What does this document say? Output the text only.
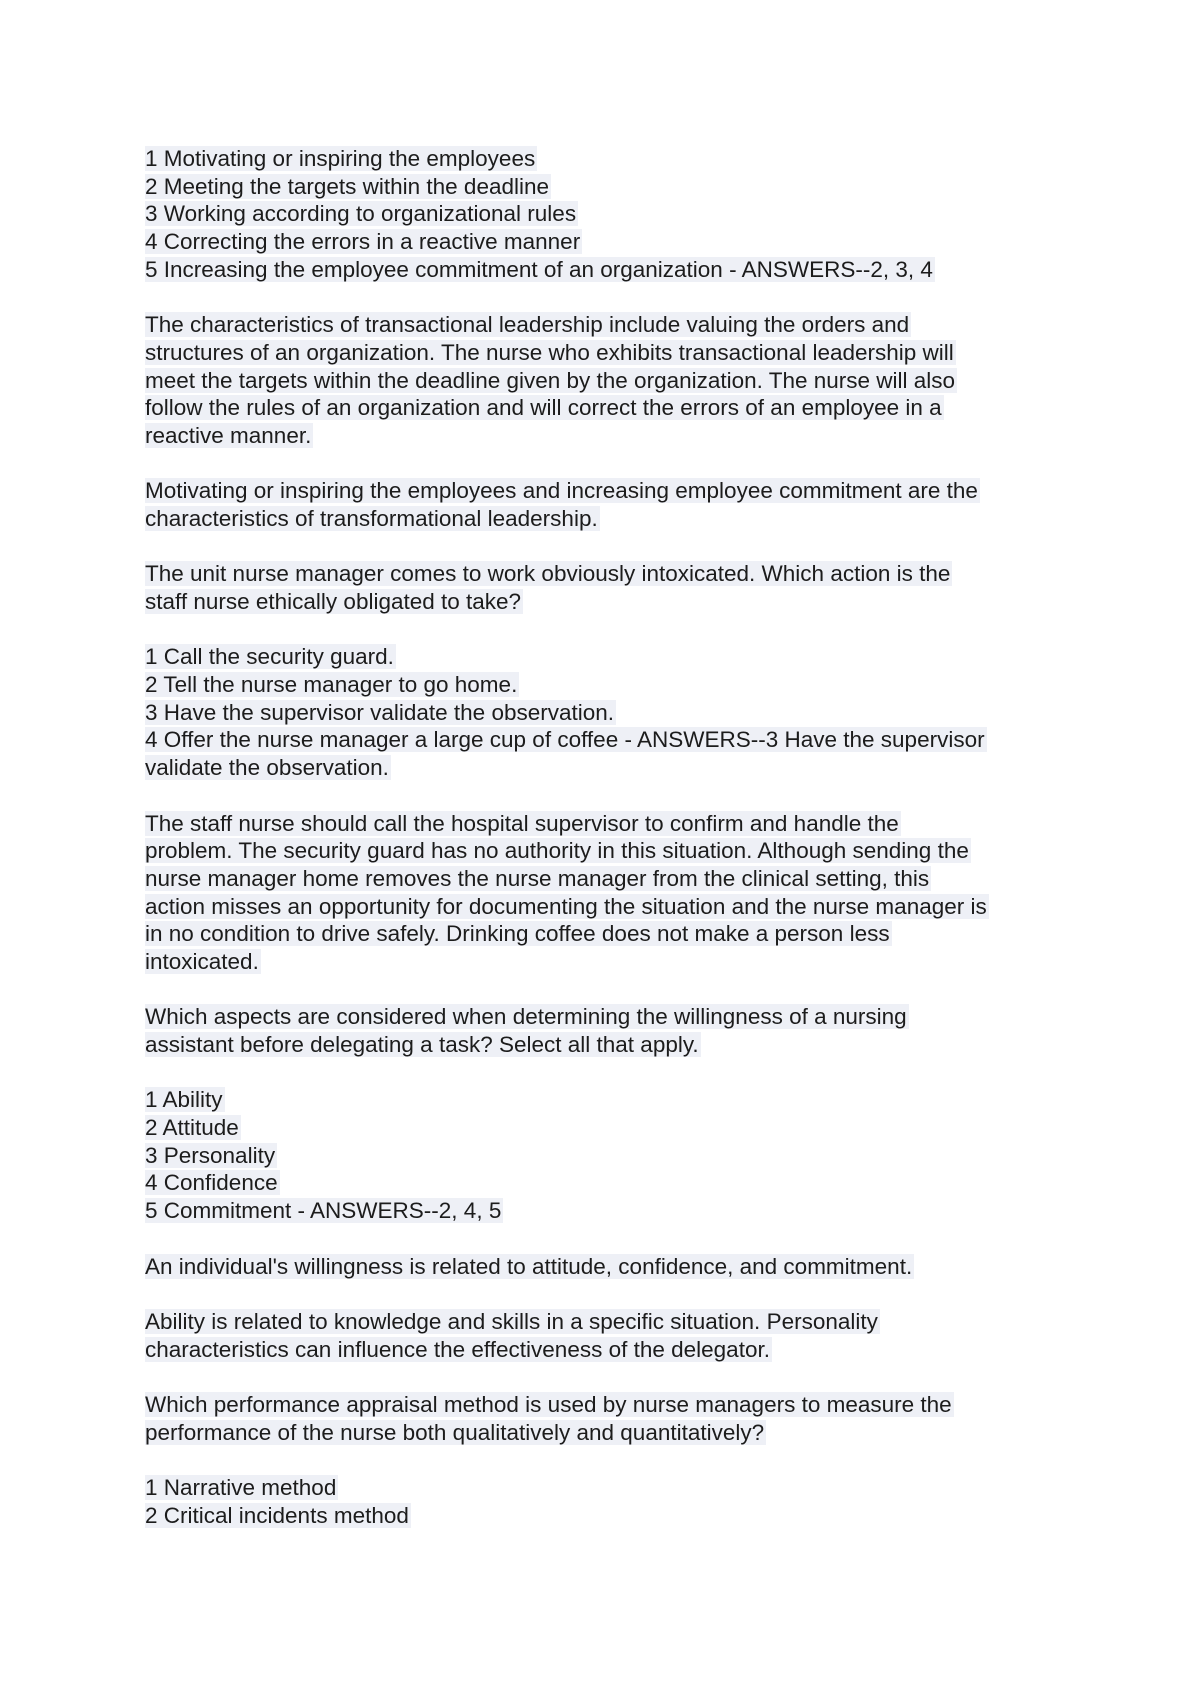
1 Motivating or inspiring the employees
2 Meeting the targets within the deadline
3 Working according to organizational rules
4 Correcting the errors in a reactive manner
5 Increasing the employee commitment of an organization - ANSWERS--2, 3, 4
The characteristics of transactional leadership include valuing the orders and
structures of an organization. The nurse who exhibits transactional leadership will
meet the targets within the deadline given by the organization. The nurse will also
follow the rules of an organization and will correct the errors of an employee in a
reactive manner.
Motivating or inspiring the employees and increasing employee commitment are the
characteristics of transformational leadership.
The unit nurse manager comes to work obviously intoxicated. Which action is the
staff nurse ethically obligated to take?
1 Call the security guard.
2 Tell the nurse manager to go home.
3 Have the supervisor validate the observation.
4 Offer the nurse manager a large cup of coffee - ANSWERS--3 Have the supervisor
validate the observation.
The staff nurse should call the hospital supervisor to confirm and handle the
problem. The security guard has no authority in this situation. Although sending the
nurse manager home removes the nurse manager from the clinical setting, this
action misses an opportunity for documenting the situation and the nurse manager is
in no condition to drive safely. Drinking coffee does not make a person less
intoxicated.
Which aspects are considered when determining the willingness of a nursing
assistant before delegating a task? Select all that apply.
1 Ability
2 Attitude
3 Personality
4 Confidence
5 Commitment - ANSWERS--2, 4, 5
An individual's willingness is related to attitude, confidence, and commitment.
Ability is related to knowledge and skills in a specific situation. Personality
characteristics can influence the effectiveness of the delegator.
Which performance appraisal method is used by nurse managers to measure the
performance of the nurse both qualitatively and quantitatively?
1 Narrative method
2 Critical incidents method
